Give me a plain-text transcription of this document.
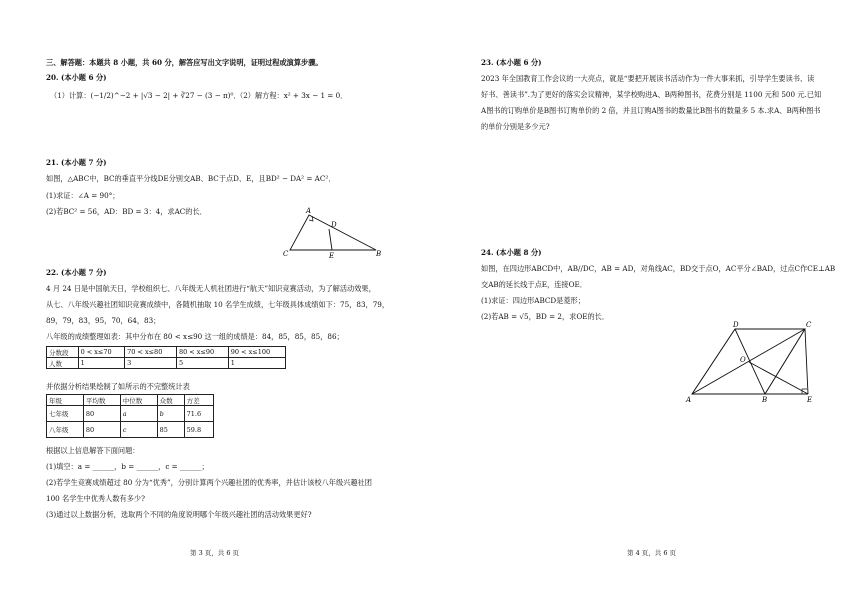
三、解答题：本题共 8 小题，共 60 分，解答应写出文字说明，证明过程或演算步骤。
20. (本小题 6 分)
（1）计算：(−1/2)^−2 + |√3 − 2| + ∛27 − (3 − π)⁰．
（2）解方程：x² + 3x − 1 = 0．
21. (本小题 7 分)
如图，△ABC中，BC的垂直平分线DE分别交AB、BC于点D、E，且BD² − DA² = AC²．
(1)求证：∠A = 90°；
(2)若BC² = 56，AD：BD = 3：4，求AC的长．	A
D
C	E	B
22. (本小题 7 分)
4 月 24 日是中国航天日，学校组织七、八年级无人机社团进行“航天”知识竞赛活动，为了解活动效果，
从七、八年级兴趣社团知识竞赛成绩中，各随机抽取 10 名学生成绩，七年级具体成绩如下：75，83，79，
89，79，83，95，70，64，83；
八年级的成绩整理如表：其中分布在 80 < x≤90 这一组的成绩是：84，85，85，85，86；
分数段	0 < x≤70	70 < x≤80	80 < x≤90	90 < x≤100
人数	1	3	5	1
并依据分析结果绘制了如所示的不完整统计表
年级	平均数	中位数	众数	方差
七年级	80	a	b	71.6
八年级	80	c	85	59.8
根据以上信息解答下面问题：
(1)填空：a = ______，b = ______，c = ______；
(2)若学生竞赛成绩超过 80 分为“优秀”，分别计算两个兴趣社团的优秀率，并估计该校八年级兴趣社团
100 名学生中优秀人数有多少?
(3)通过以上数据分析，选取两个不同的角度说明哪个年级兴趣社团的活动效果更好?
第 3 页，共 6 页
23. (本小题 6 分)
2023 年全国教育工作会议的一大亮点，就是“要把开展读书活动作为一件大事来抓，引导学生要读书、读
好书、善读书”.为了更好的落实会议精神，某学校购进A、B两种图书，花费分别是 1100 元和 500 元.已知
A图书的订购单价是B图书订购单价的 2 倍，并且订购A图书的数量比B图书的数量多 5 本.求A、B两种图书
的单价分别是多少元?
24. (本小题 8 分)
如图，在四边形ABCD中，AB//DC，AB = AD，对角线AC，BD交于点O，AC平分∠BAD，过点C作CE⊥AB
交AB的延长线于点E，连接OE．
(1)求证：四边形ABCD是菱形；
(2)若AB = √5，BD = 2，求OE的长．
D	C
O
A	B	E
第 4 页，共 6 页
